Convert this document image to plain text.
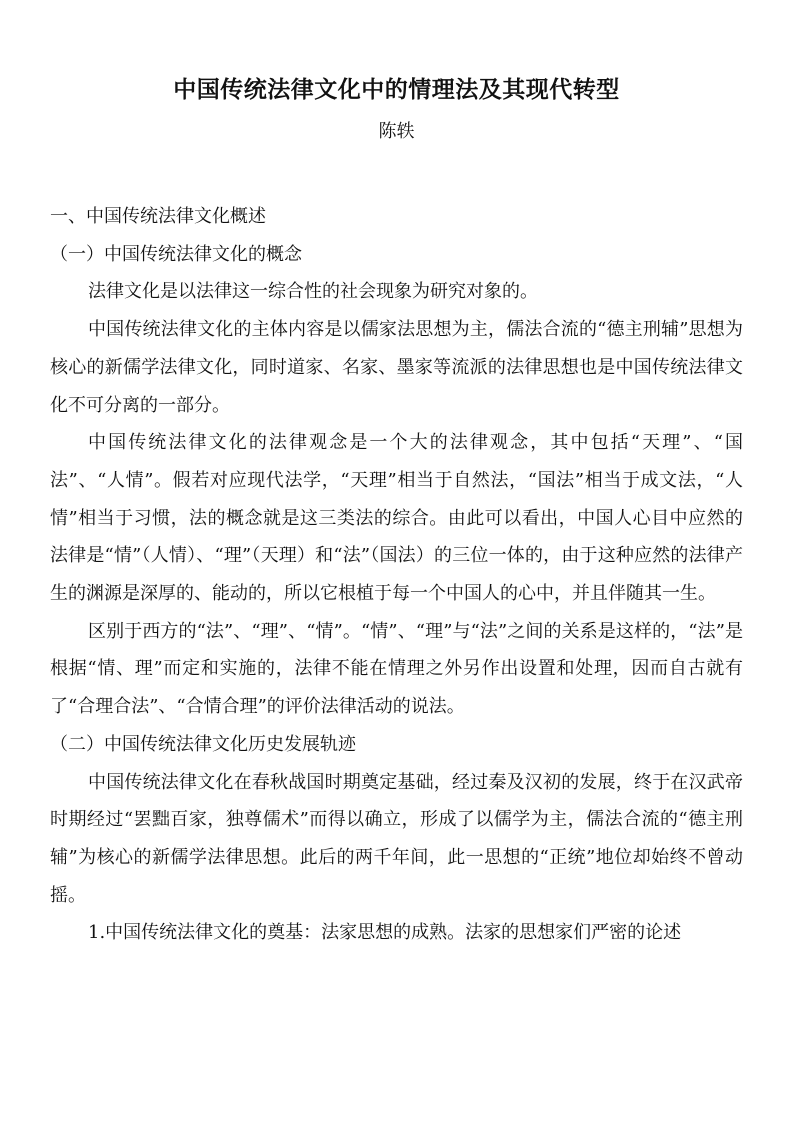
中国传统法律文化中的情理法及其现代转型
陈轶

一、中国传统法律文化概述

（一）中国传统法律文化的概念

法律文化是以法律这一综合性的社会现象为研究对象的。

中国传统法律文化的主体内容是以儒家法思想为主，儒法合流的“德主刑辅”思想为核心的新儒学法律文化，同时道家、名家、墨家等流派的法律思想也是中国传统法律文化不可分离的一部分。

中国传统法律文化的法律观念是一个大的法律观念，其中包括“天理”、“国法”、“人情”。假若对应现代法学，“天理”相当于自然法，“国法”相当于成文法，“人情”相当于习惯，法的概念就是这三类法的综合。由此可以看出，中国人心目中应然的法律是“情”（人情）、“理”（天理）和“法”（国法）的三位一体的，由于这种应然的法律产生的渊源是深厚的、能动的，所以它根植于每一个中国人的心中，并且伴随其一生。

区别于西方的“法”、“理”、“情”。“情”、“理”与“法”之间的关系是这样的，“法”是根据“情、理”而定和实施的，法律不能在情理之外另作出设置和处理，因而自古就有了“合理合法”、“合情合理”的评价法律活动的说法。

（二）中国传统法律文化历史发展轨迹

中国传统法律文化在春秋战国时期奠定基础，经过秦及汉初的发展，终于在汉武帝时期经过“罢黜百家，独尊儒术”而得以确立，形成了以儒学为主，儒法合流的“德主刑辅”为核心的新儒学法律思想。此后的两千年间，此一思想的“正统”地位却始终不曾动摇。

1.中国传统法律文化的奠基：法家思想的成熟。法家的思想家们严密的论述
